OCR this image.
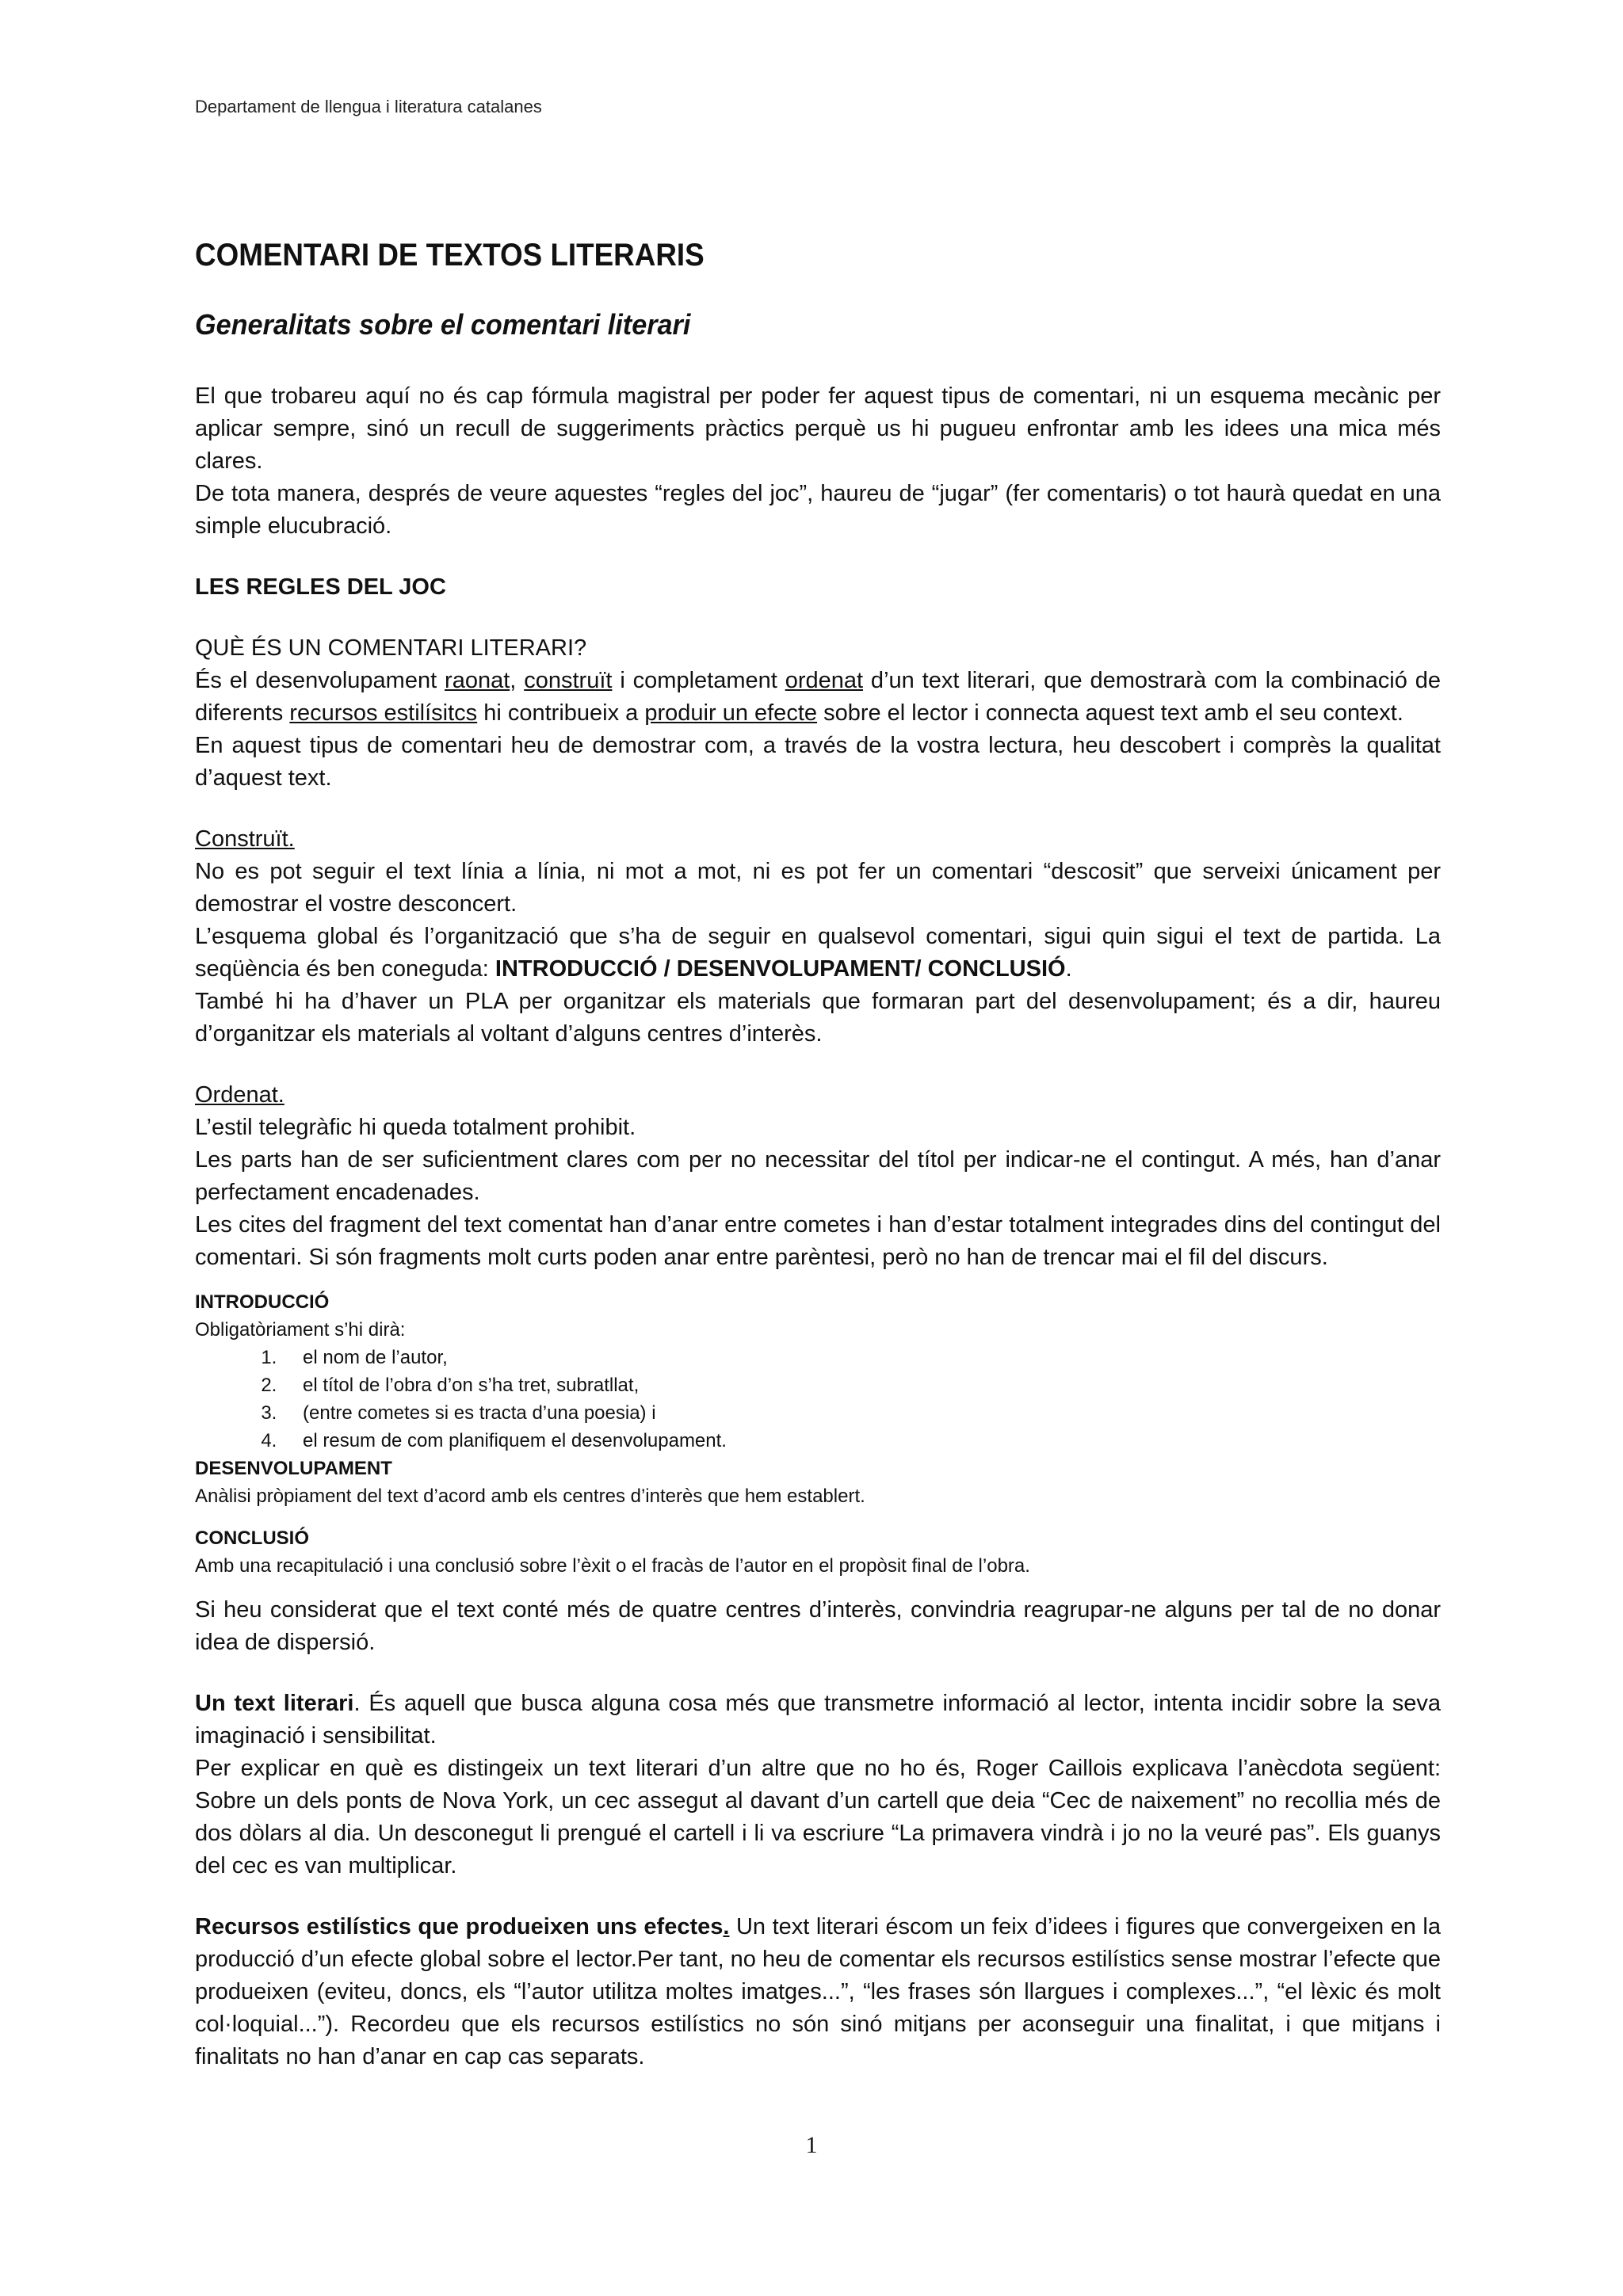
Departament de llengua i literatura catalanes
COMENTARI DE TEXTOS LITERARIS
Generalitats sobre el comentari literari

El que trobareu aquí no és cap fórmula magistral per poder fer aquest tipus de comentari, ni un esquema mecànic per aplicar sempre, sinó un recull de suggeriments pràctics perquè us hi pugueu enfrontar amb les idees una mica més clares.

De tota manera, després de veure aquestes “regles del joc”, haureu de “jugar” (fer comentaris) o tot haurà quedat en una simple elucubració.

LES REGLES DEL JOC

QUÈ ÉS UN COMENTARI LITERARI?

És el desenvolupament raonat, construït i completament ordenat d’un text literari, que demostrarà com la combinació de diferents recursos estilísitcs hi contribueix a produir un efecte sobre el lector i connecta aquest text amb el seu context.

En aquest tipus de comentari heu de demostrar com, a través de la vostra lectura, heu descobert i comprès la qualitat d’aquest text.

Construït.

No es pot seguir el text línia a línia, ni mot a mot, ni es pot fer un comentari “descosit” que serveixi únicament per demostrar el vostre desconcert.

L’esquema global és l’organització que s’ha de seguir en qualsevol comentari, sigui quin sigui el text de partida. La seqüència és ben coneguda: INTRODUCCIÓ / DESENVOLUPAMENT/ CONCLUSIÓ.

També hi ha d’haver un PLA per organitzar els materials que formaran part del desenvolupament; és a dir, haureu d’organitzar els materials al voltant d’alguns centres d’interès.

Ordenat.

L’estil telegràfic hi queda totalment prohibit.

Les parts han de ser suficientment clares com per no necessitar del títol per indicar-ne el contingut. A més, han d’anar perfectament encadenades.

Les cites del fragment del text comentat han d’anar entre cometes i han d’estar totalment integrades dins del contingut del comentari. Si són fragments molt curts poden anar entre parèntesi, però no han de trencar mai el fil del discurs.

INTRODUCCIÓ
Obligatòriament s’hi dirà:
1. el nom de l’autor,
2. el títol de l’obra d’on s’ha tret, subratllat,
3. (entre cometes si es tracta d’una poesia) i
4. el resum de com planifiquem el desenvolupament.
DESENVOLUPAMENT
Anàlisi pròpiament del text d’acord amb els centres d’interès que hem establert.
CONCLUSIÓ
Amb una recapitulació i una conclusió sobre l’èxit o el fracàs de l’autor en el propòsit final de l’obra.

Si heu considerat que el text conté més de quatre centres d’interès, convindria reagrupar-ne alguns per tal de no donar idea de dispersió.

Un text literari. És aquell que busca alguna cosa més que transmetre informació al lector, intenta incidir sobre la seva imaginació i sensibilitat.

Per explicar en què es distingeix un text literari d’un altre que no ho és, Roger Caillois explicava l’anècdota següent: Sobre un dels ponts de Nova York, un cec assegut al davant d’un cartell que deia “Cec de naixement” no recollia més de dos dòlars al dia. Un desconegut li prengué el cartell i li va escriure “La primavera vindrà i jo no la veuré pas”. Els guanys del cec es van multiplicar.

Recursos estilístics que produeixen uns efectes. Un text literari éscom un feix d’idees i figures que convergeixen en la producció d’un efecte global sobre el lector.Per tant, no heu de comentar els recursos estilístics sense mostrar l’efecte que produeixen (eviteu, doncs, els “l’autor utilitza moltes imatges...”, “les frases són llargues i complexes...”, “el lèxic és molt col·loquial...”). Recordeu que els recursos estilístics no són sinó mitjans per aconseguir una finalitat, i que mitjans i finalitats no han d’anar en cap cas separats.

1
